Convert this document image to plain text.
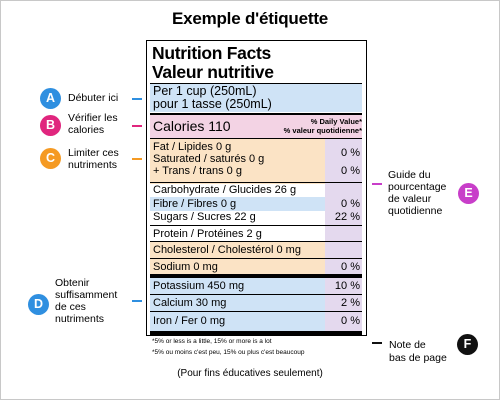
Exemple d'étiquette
Nutrition Facts
Valeur nutritive
Per 1 cup (250mL)
pour 1 tasse (250mL)
Calories 110	% Daily Value*
% valeur quotidienne*
Fat / Lipides 0 g	0 %
Saturated / saturés 0 g
+ Trans / trans 0 g	0 %
Carbohydrate / Glucides 26 g
Fibre / Fibres 0 g	0 %
Sugars / Sucres 22 g	22 %
Protein / Protéines 2 g
Cholesterol / Cholestérol 0 mg
Sodium 0 mg	0 %
Potassium 450 mg	10 %
Calcium 30 mg	2 %
Iron / Fer 0 mg	0 %
*5% or less is a little, 15% or more is a lot
*5% ou moins c'est peu, 15% ou plus c'est beaucoup
A	Débuter ici
B	Vérifier les
calories
C	Limiter ces
nutriments
D
Obtenir
suffisamment
de ces
nutriments
Guide du
pourcentage
de valeur
quotidienne
E
Note de
bas de page
F
(Pour fins éducatives seulement)
